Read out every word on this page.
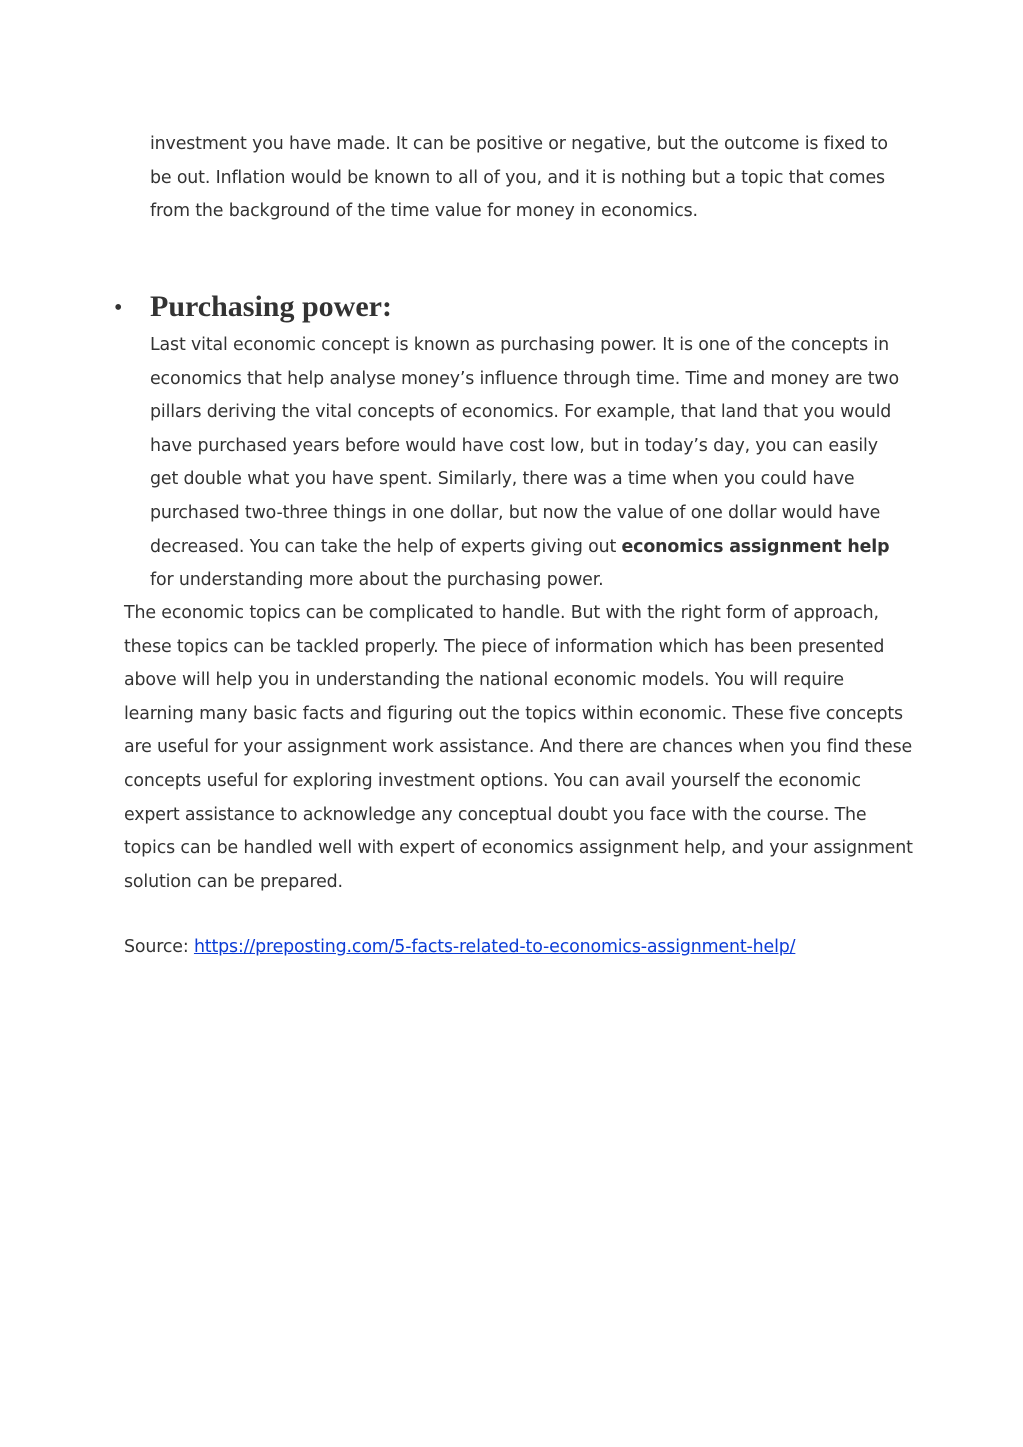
investment you have made. It can be positive or negative, but the outcome is fixed to be out. Inflation would be known to all of you, and it is nothing but a topic that comes from the background of the time value for money in economics.
• Purchasing power:
Last vital economic concept is known as purchasing power. It is one of the concepts in economics that help analyse money’s influence through time. Time and money are two pillars deriving the vital concepts of economics. For example, that land that you would have purchased years before would have cost low, but in today’s day, you can easily get double what you have spent. Similarly, there was a time when you could have purchased two-three things in one dollar, but now the value of one dollar would have decreased. You can take the help of experts giving out economics assignment help for understanding more about the purchasing power.
The economic topics can be complicated to handle. But with the right form of approach, these topics can be tackled properly. The piece of information which has been presented above will help you in understanding the national economic models. You will require learning many basic facts and figuring out the topics within economic. These five concepts are useful for your assignment work assistance. And there are chances when you find these concepts useful for exploring investment options. You can avail yourself the economic expert assistance to acknowledge any conceptual doubt you face with the course. The topics can be handled well with expert of economics assignment help, and your assignment solution can be prepared.
Source: https://preposting.com/5-facts-related-to-economics-assignment-help/
